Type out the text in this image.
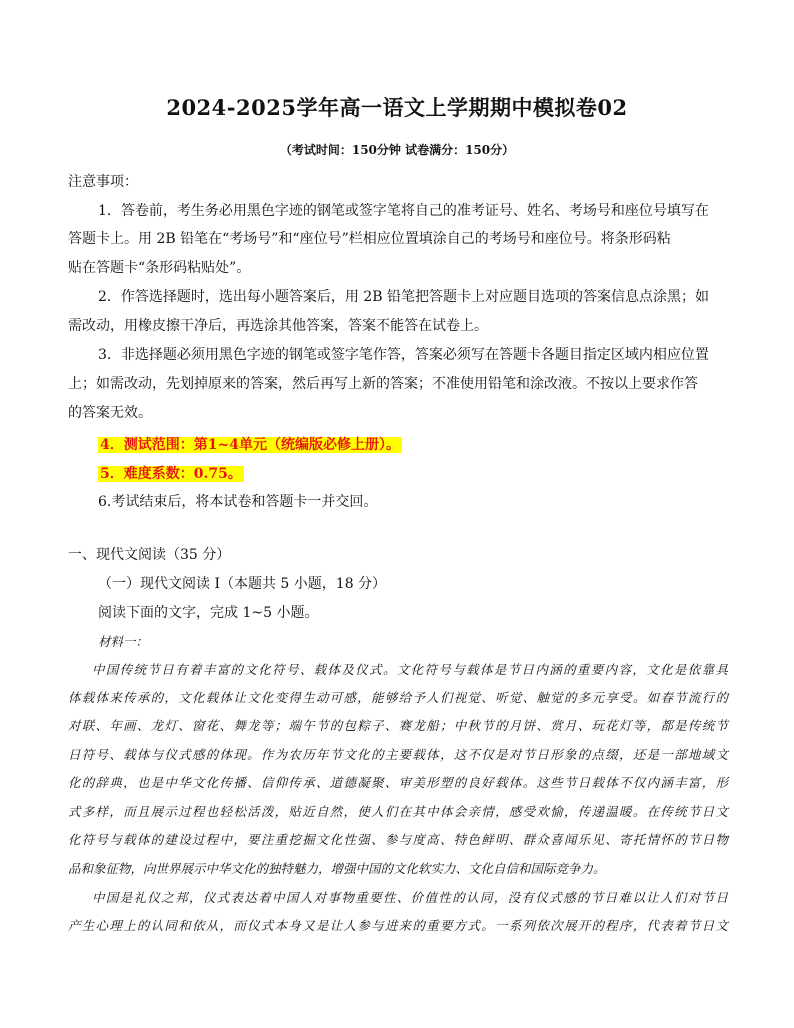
2024-2025学年高一语文上学期期中模拟卷02
（考试时间：150分钟 试卷满分：150分）
注意事项：
1．答卷前，考生务必用黑色字迹的钢笔或签字笔将自己的准考证号、姓名、考场号和座位号填写在
答题卡上。用 2B 铅笔在“考场号”和“座位号”栏相应位置填涂自己的考场号和座位号。将条形码粘
贴在答题卡“条形码粘贴处”。
2．作答选择题时，选出每小题答案后，用 2B 铅笔把答题卡上对应题目选项的答案信息点涂黑；如
需改动，用橡皮擦干净后，再选涂其他答案，答案不能答在试卷上。
3．非选择题必须用黑色字迹的钢笔或签字笔作答，答案必须写在答题卡各题目指定区域内相应位置
上；如需改动，先划掉原来的答案，然后再写上新的答案；不准使用铅笔和涂改液。不按以上要求作答
的答案无效。
4．测试范围：第1~4单元（统编版必修上册）。
5．难度系数：0.75。
6.考试结束后，将本试卷和答题卡一并交回。
一、现代文阅读（35 分）
（一）现代文阅读 I（本题共 5 小题，18 分）
阅读下面的文字，完成 1~5 小题。
材料一：
中国传统节日有着丰富的文化符号、载体及仪式。文化符号与载体是节日内涵的重要内容，文化是依靠具
体载体来传承的，文化载体让文化变得生动可感，能够给予人们视觉、听觉、触觉的多元享受。如春节流行的
对联、年画、龙灯、窗花、舞龙等；端午节的包粽子、赛龙船；中秋节的月饼、赏月、玩花灯等，都是传统节
日符号、载体与仪式感的体现。作为农历年节文化的主要载体，这不仅是对节日形象的点缀，还是一部地域文
化的辞典，也是中华文化传播、信仰传承、道德凝聚、审美形塑的良好载体。这些节日载体不仅内涵丰富，形
式多样，而且展示过程也轻松活泼，贴近自然，使人们在其中体会亲情，感受欢愉，传递温暖。在传统节日文
化符号与载体的建设过程中，要注重挖掘文化性强、参与度高、特色鲜明、群众喜闻乐见、寄托情怀的节日物
品和象征物，向世界展示中华文化的独特魅力，增强中国的文化软实力、文化自信和国际竞争力。
中国是礼仪之邦，仪式表达着中国人对事物重要性、价值性的认同，没有仪式感的节日难以让人们对节日
产生心理上的认同和依从，而仪式本身又是让人参与进来的重要方式。一系列依次展开的程序，代表着节日文
